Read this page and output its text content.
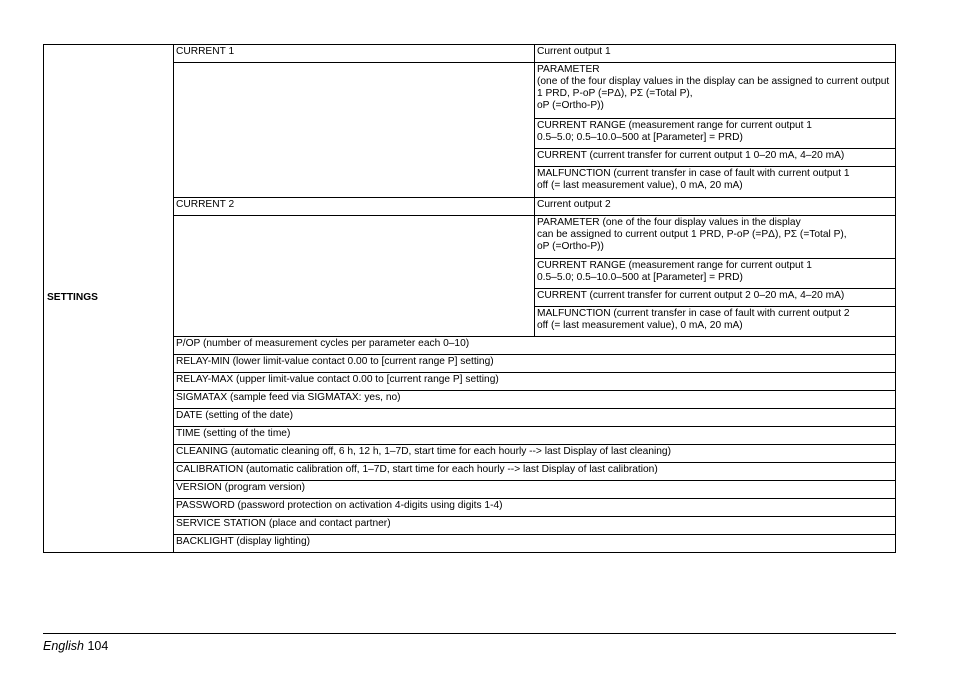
SETTINGS	CURRENT 1	Current output 1
		PARAMETER
(one of the four display values in the display can be assigned to current output 1 PRD, P-oP (=PΔ), PΣ (=Total P),
oP (=Ortho-P))
		CURRENT RANGE (measurement range for current output 1
0.5–5.0; 0.5–10.0–500 at [Parameter] = PRD)
		CURRENT (current transfer for current output 1 0–20 mA, 4–20 mA)
		MALFUNCTION (current transfer in case of fault with current output 1
off (= last measurement value), 0 mA, 20 mA)
	CURRENT 2	Current output 2
		PARAMETER (one of the four display values in the display
can be assigned to current output 1 PRD, P-oP (=PΔ), PΣ (=Total P),
oP (=Ortho-P))
		CURRENT RANGE (measurement range for current output 1
0.5–5.0; 0.5–10.0–500 at [Parameter] = PRD)
		CURRENT (current transfer for current output 2 0–20 mA, 4–20 mA)
		MALFUNCTION (current transfer in case of fault with current output 2
off (= last measurement value), 0 mA, 20 mA)
	P/OP (number of measurement cycles per parameter each 0–10)	
	RELAY-MIN (lower limit-value contact 0.00 to [current range P] setting)	
	RELAY-MAX (upper limit-value contact 0.00 to [current range P] setting)	
	SIGMATAX (sample feed via SIGMATAX: yes, no)	
	DATE (setting of the date)	
	TIME (setting of the time)	
	CLEANING (automatic cleaning off, 6 h, 12 h, 1–7D, start time for each hourly --> last Display of last cleaning)	
	CALIBRATION (automatic calibration off, 1–7D, start time for each hourly --> last Display of last calibration)	
	VERSION (program version)	
	PASSWORD (password protection on activation 4-digits using digits 1-4)	
	SERVICE STATION (place and contact partner)	
	BACKLIGHT (display lighting)	
English 104
